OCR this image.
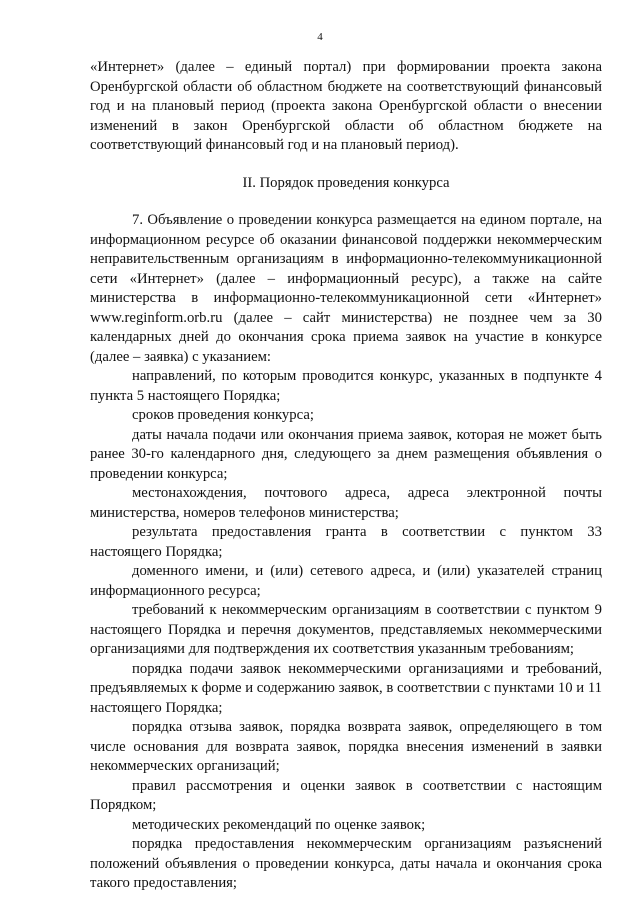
4

«Интернет» (далее – единый портал) при формировании проекта закона Оренбургской области об областном бюджете на соответствующий финансовый год и на плановый период (проекта закона Оренбургской области о внесении изменений в закон Оренбургской области об областном бюджете на соответствующий финансовый год и на плановый период).

II. Порядок проведения конкурса

7. Объявление о проведении конкурса размещается на едином портале, на информационном ресурсе об оказании финансовой поддержки некоммерческим неправительственным организациям в информационно-телекоммуникационной сети «Интернет» (далее – информационный ресурс), а также на сайте министерства в информационно-телекоммуникационной сети «Интернет» www.reginform.orb.ru (далее – сайт министерства) не позднее чем за 30 календарных дней до окончания срока приема заявок на участие в конкурсе (далее – заявка) с указанием:

направлений, по которым проводится конкурс, указанных в подпункте 4 пункта 5 настоящего Порядка;

сроков проведения конкурса;

даты начала подачи или окончания приема заявок, которая не может быть ранее 30-го календарного дня, следующего за днем размещения объявления о проведении конкурса;

местонахождения, почтового адреса, адреса электронной почты министерства, номеров телефонов министерства;

результата предоставления гранта в соответствии с пунктом 33 настоящего Порядка;

доменного имени, и (или) сетевого адреса, и (или) указателей страниц информационного ресурса;

требований к некоммерческим организациям в соответствии с пунктом 9 настоящего Порядка и перечня документов, представляемых некоммерческими организациями для подтверждения их соответствия указанным требованиям;

порядка подачи заявок некоммерческими организациями и требований, предъявляемых к форме и содержанию заявок, в соответствии с пунктами 10 и 11 настоящего Порядка;

порядка отзыва заявок, порядка возврата заявок, определяющего в том числе основания для возврата заявок, порядка внесения изменений в заявки некоммерческих организаций;

правил рассмотрения и оценки заявок в соответствии с настоящим Порядком;

методических рекомендаций по оценке заявок;

порядка предоставления некоммерческим организациям разъяснений положений объявления о проведении конкурса, даты начала и окончания срока такого предоставления;
